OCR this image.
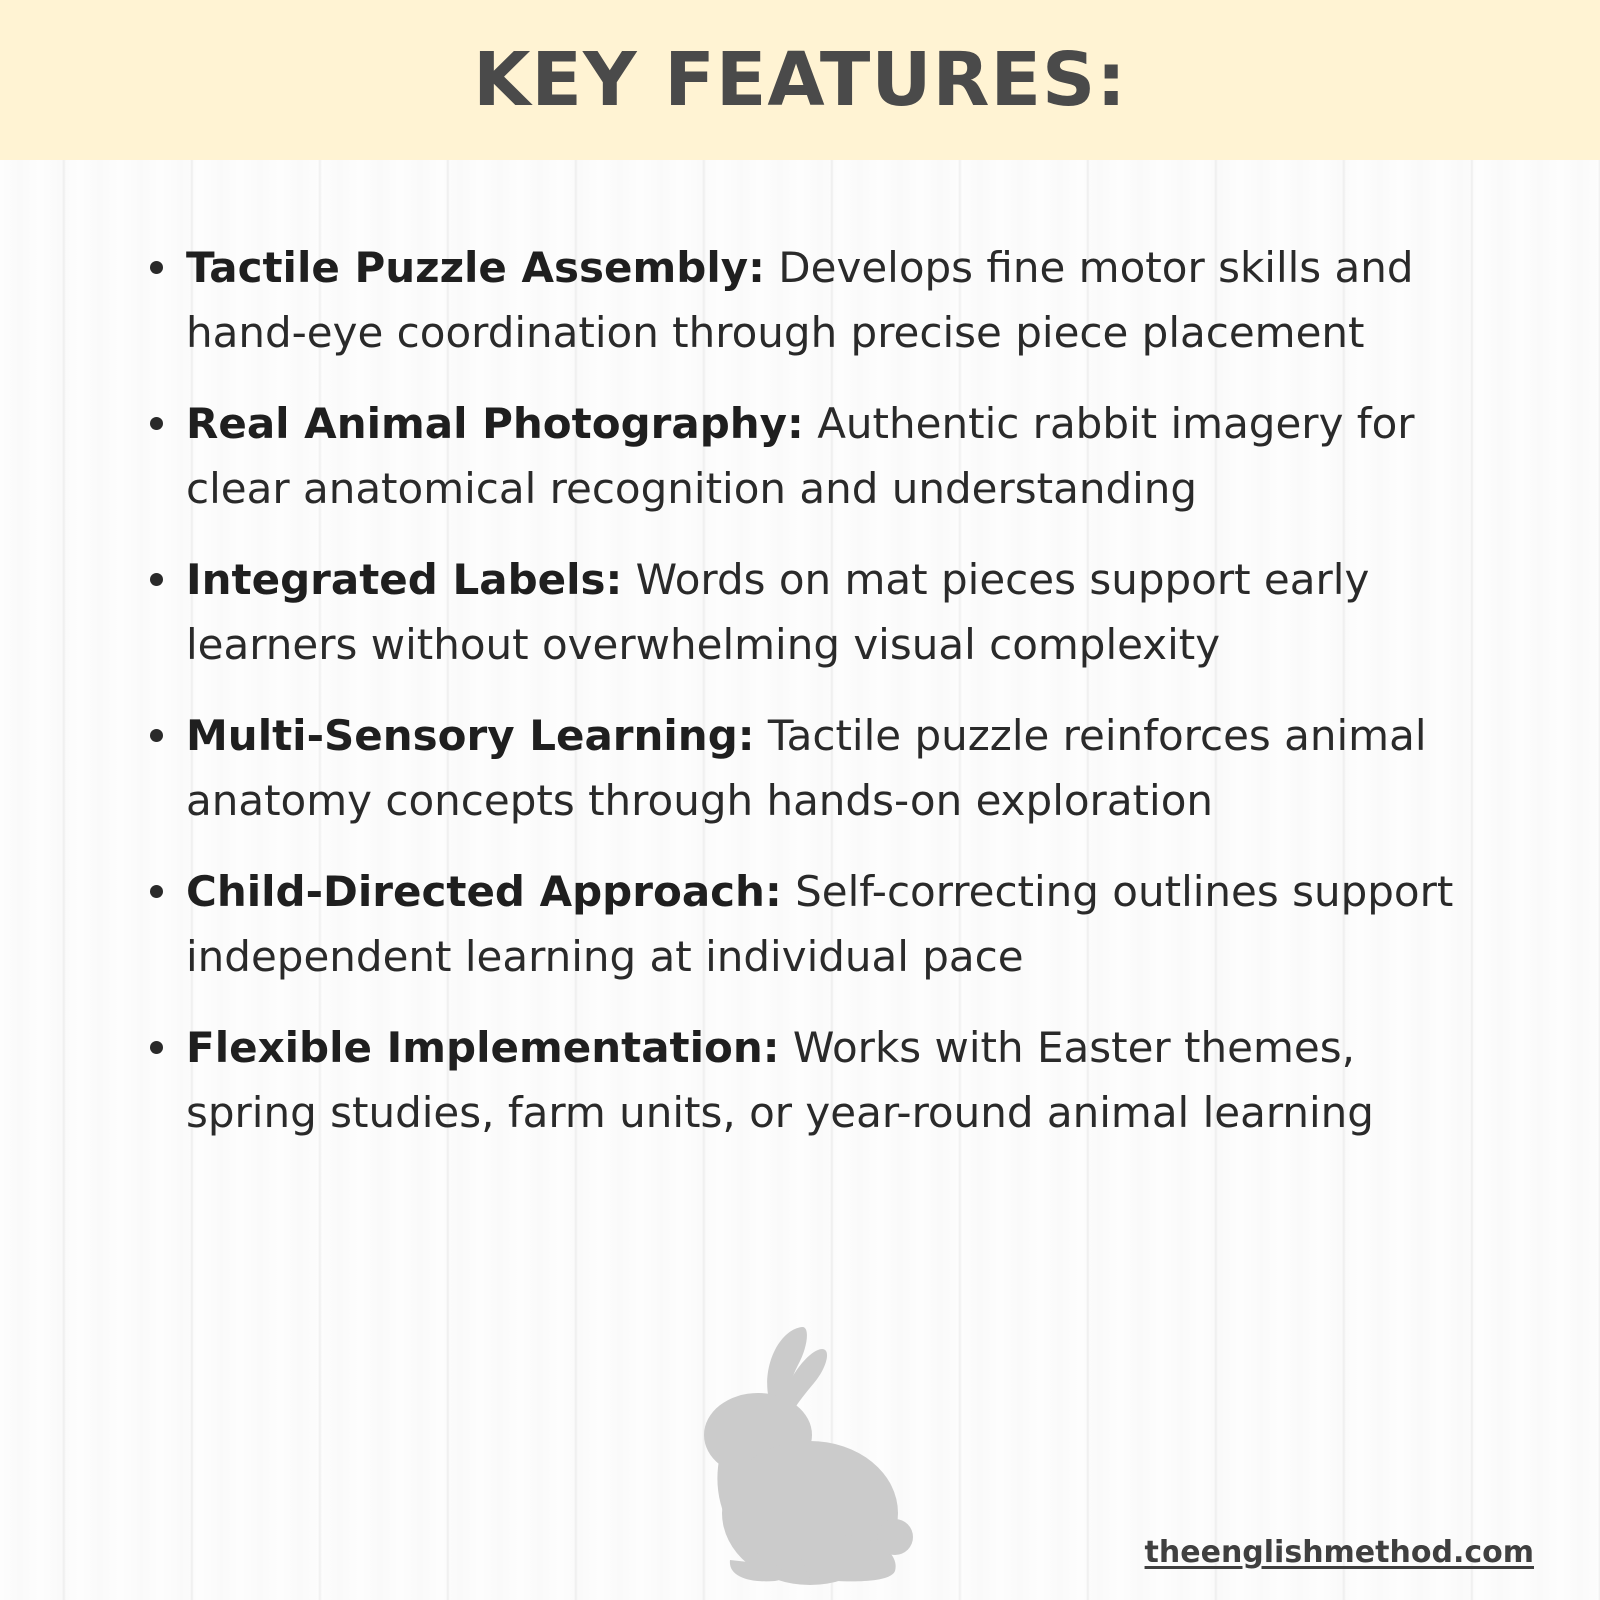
KEY FEATURES:
Tactile Puzzle Assembly: Develops fine motor skills and hand-eye coordination through precise piece placement
Real Animal Photography: Authentic rabbit imagery for clear anatomical recognition and understanding
Integrated Labels: Words on mat pieces support early learners without overwhelming visual complexity
Multi-Sensory Learning: Tactile puzzle reinforces animal anatomy concepts through hands-on exploration
Child-Directed Approach: Self-correcting outlines support independent learning at individual pace
Flexible Implementation: Works with Easter themes, spring studies, farm units, or year-round animal learning
theenglishmethod.com
